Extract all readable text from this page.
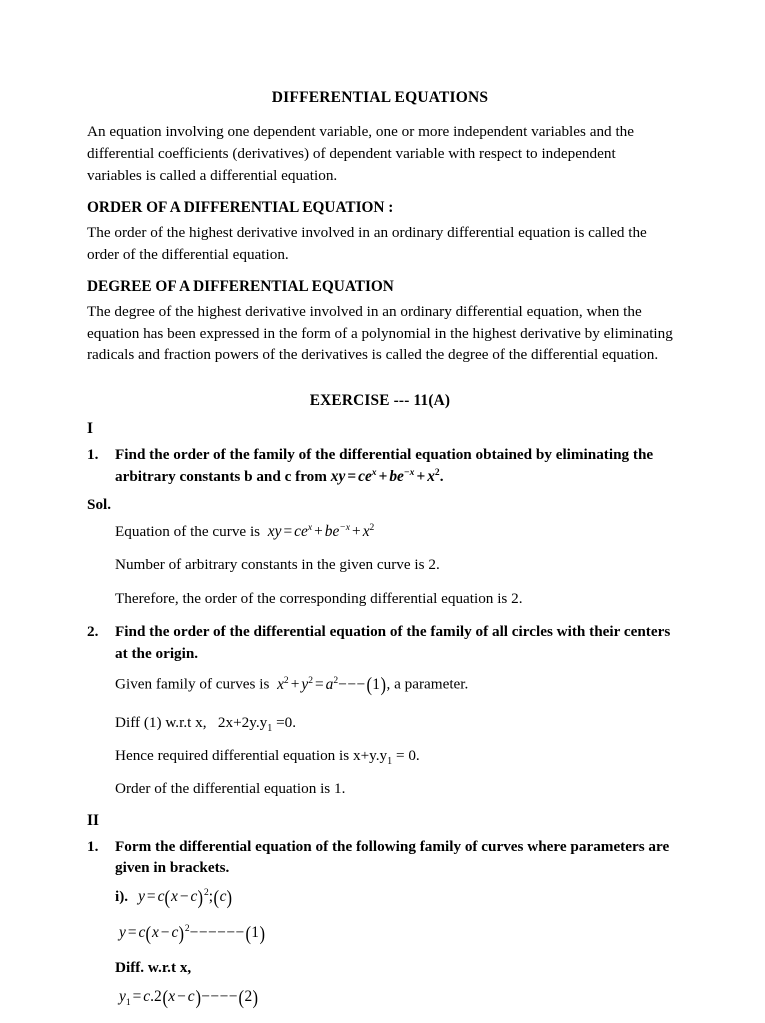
DIFFERENTIAL EQUATIONS

An equation involving one dependent variable, one or more independent variables and the differential coefficients (derivatives) of dependent variable with respect to independent variables is called a differential equation.

ORDER OF A DIFFERENTIAL EQUATION :

The order of the highest derivative involved in an ordinary differential equation is called the order of the differential equation.

DEGREE OF A DIFFERENTIAL EQUATION

The degree of the highest derivative involved in an ordinary differential equation, when the equation has been expressed in the form of a polynomial in the highest derivative by eliminating radicals and fraction powers of the derivatives is called the degree of the differential equation.

EXERCISE --- 11(A)
I
1. Find the order of the family of the differential equation obtained by eliminating the arbitrary constants b and c from xy = $ce^x + be^{-x} + x^2$.
Sol.
Equation of the curve is xy = $ce^x + be^{-x} + x^2$
Number of arbitrary constants in the given curve is 2.
Therefore, the order of the corresponding differential equation is 2.
2. Find the order of the differential equation of the family of all circles with their centers at the origin.
Given family of curves is $x^2 + y^2 = a^2---(1)$, a parameter.
Diff (1) w.r.t x, $2x+2y.y_1 =0$.
Hence required differential equation is $x+y.y_1 = 0$.
Order of the differential equation is 1.
II
1. Form the differential equation of the following family of curves where parameters are given in brackets.
i). $y = c(x - c)^2;(c)$
$y = c(x - c)^2------(1)$
Diff. w.r.t x,
$y_1 = c.2(x - c)----(2)$
